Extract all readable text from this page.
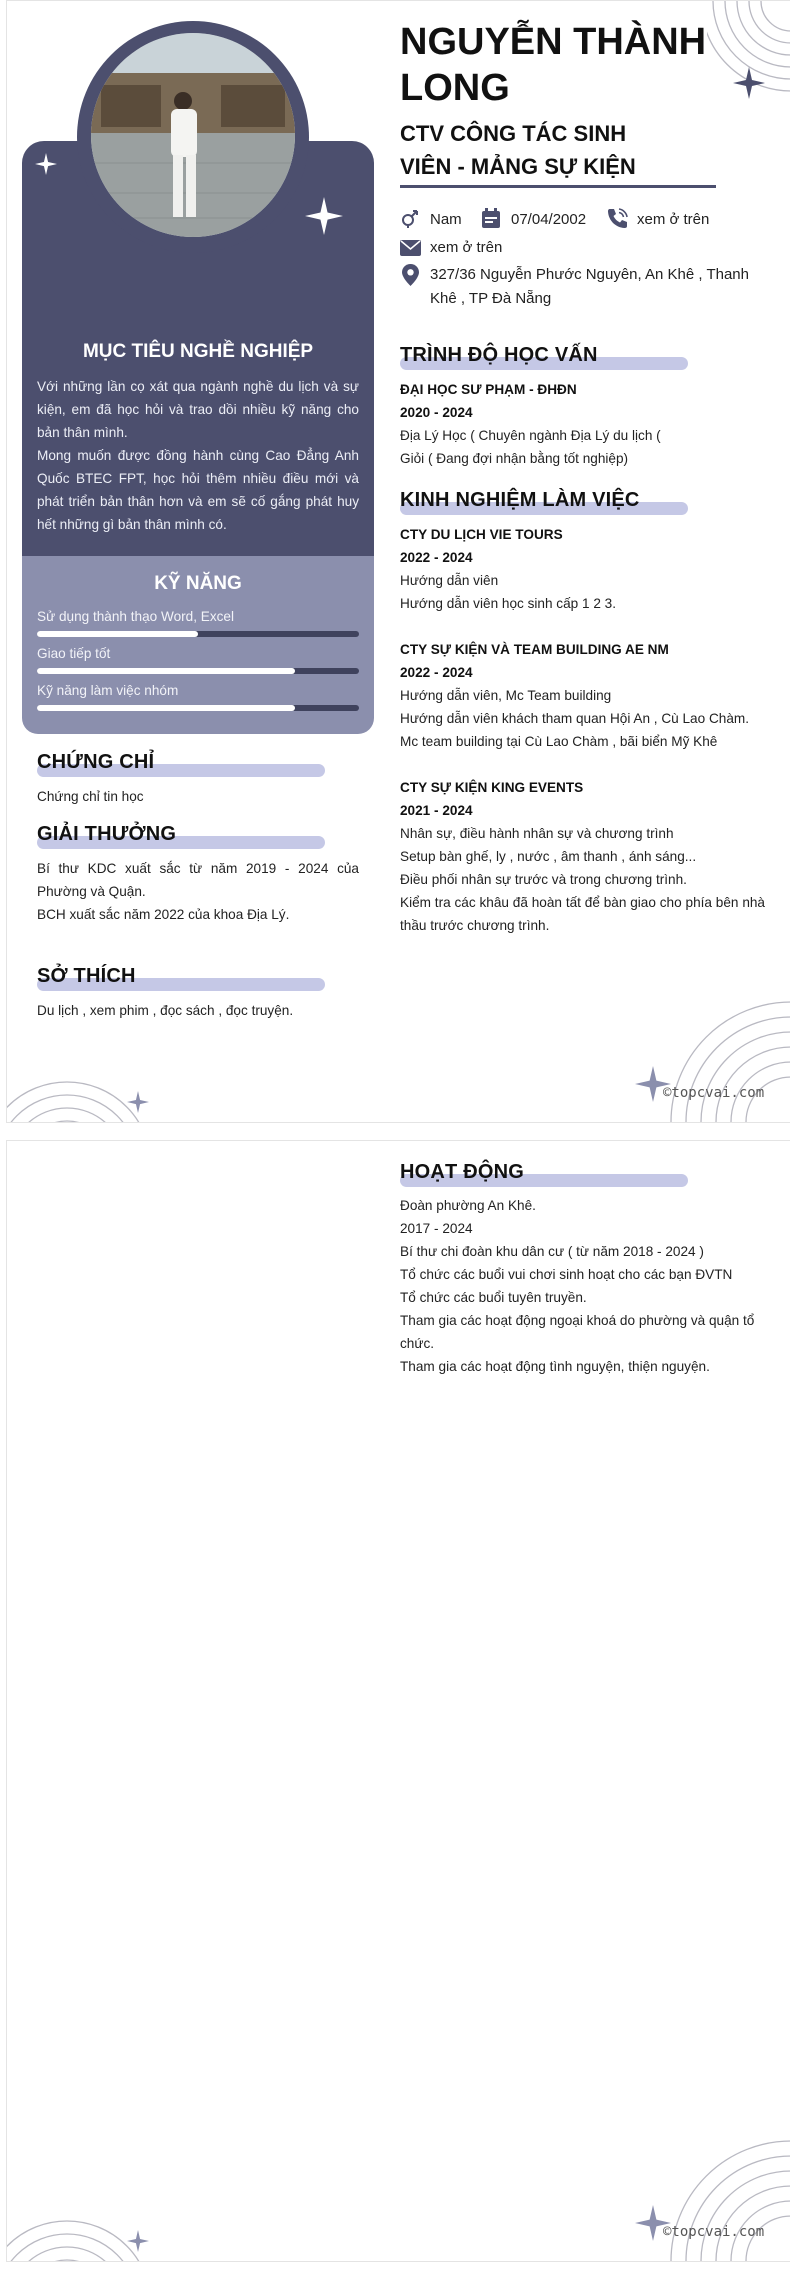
MỤC TIÊU NGHỀ NGHIỆP
Với những lần cọ xát qua ngành nghề du lịch và sự kiện, em đã học hỏi và trao dồi nhiều kỹ năng cho bản thân mình.
Mong muốn được đồng hành cùng Cao Đẳng Anh Quốc BTEC FPT, học hỏi thêm nhiều điều mới và phát triển bản thân hơn và em sẽ cố gắng phát huy hết những gì bản thân mình có.
KỸ NĂNG
CHỨNG CHỈ
Chứng chỉ tin học
GIẢI THƯỞNG
Bí thư KDC xuất sắc từ năm 2019 - 2024 của Phường và Quận.
BCH xuất sắc năm 2022 của khoa Địa Lý.
SỞ THÍCH
Du lịch , xem phim , đọc sách , đọc truyện.
NGUYỄN THÀNH
LONG
CTV CÔNG TÁC SINH
VIÊN - MẢNG SỰ KIỆN
Nam	07/04/2002	xem ở trên
xem ở trên
327/36 Nguyễn Phước Nguyên, An Khê , Thanh
Khê , TP Đà Nẵng
TRÌNH ĐỘ HỌC VẤN
ĐẠI HỌC SƯ PHẠM - ĐHĐN
2020 - 2024
Địa Lý Học ( Chuyên ngành Địa Lý du lịch (
Giỏi ( Đang đợi nhận bằng tốt nghiệp)
KINH NGHIỆM LÀM VIỆC
©topcvai.com
Sử dụng thành thạo Word, Excel
Giao tiếp tốt
Kỹ năng làm việc nhóm
CTY DU LỊCH VIE TOURS
2022 - 2024
Hướng dẫn viên
Hướng dẫn viên học sinh cấp 1 2 3.
CTY SỰ KIỆN VÀ TEAM BUILDING AE NM
2022 - 2024
Hướng dẫn viên, Mc Team building
Hướng dẫn viên khách tham quan Hội An , Cù Lao Chàm.
Mc team building tại Cù Lao Chàm , bãi biển Mỹ Khê
CTY SỰ KIỆN KING EVENTS
2021 - 2024
Nhân sự, điều hành nhân sự và chương trình
Setup bàn ghế, ly , nước , âm thanh , ánh sáng...
Điều phối nhân sự trước và trong chương trình.
Kiểm tra các khâu đã hoàn tất để bàn giao cho phía bên nhà thầu trước chương trình.
HOẠT ĐỘNG
Đoàn phường An Khê.
2017 - 2024
Bí thư chi đoàn khu dân cư ( từ năm 2018 - 2024 )
Tổ chức các buổi vui chơi sinh hoạt cho các bạn ĐVTN
Tổ chức các buổi tuyên truyền.
Tham gia các hoạt động ngoại khoá do phường và quận tổ chức.
Tham gia các hoạt động tình nguyện, thiện nguyện.
©topcvai.com
